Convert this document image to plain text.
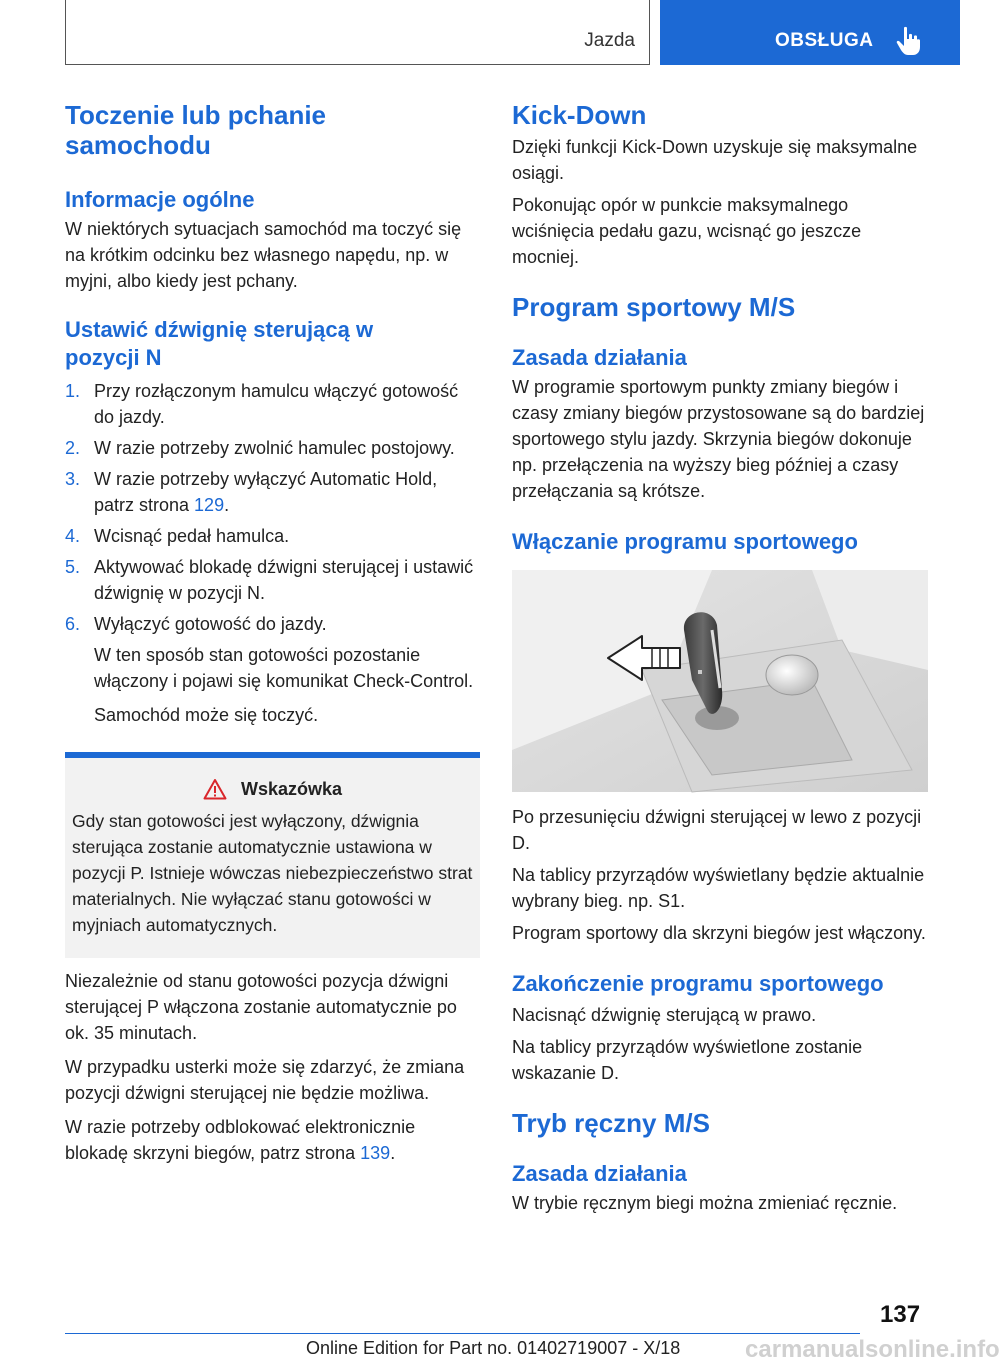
Jazda	OBSŁUGA
Toczenie lub pchanie samochodu
Informacje ogólne

W niektórych sytuacjach samochód ma toczyć się na krótkim odcinku bez własnego napędu, np. w myjni, albo kiedy jest pchany.

Ustawić dźwignię sterującą w pozycji N
1. Przy rozłączonym hamulcu włączyć gotowość do jazdy.
2. W razie potrzeby zwolnić hamulec postojowy.
3. W razie potrzeby wyłączyć Automatic Hold, patrz strona 129.
4. Wcisnąć pedał hamulca.
5. Aktywować blokadę dźwigni sterującej i ustawić dźwignię w pozycji N.
6. Wyłączyć gotowość do jazdy.

W ten sposób stan gotowości pozostanie włączony i pojawi się komunikat Check-Control.

Samochód może się toczyć.

Wskazówka

Gdy stan gotowości jest wyłączony, dźwignia sterująca zostanie automatycznie ustawiona w pozycji P. Istnieje wówczas niebezpieczeństwo strat materialnych. Nie wyłączać stanu gotowości w myjniach automatycznych.

Niezależnie od stanu gotowości pozycja dźwigni sterującej P włączona zostanie automatycznie po ok. 35 minutach.

W przypadku usterki może się zdarzyć, że zmiana pozycji dźwigni sterującej nie będzie możliwa.

W razie potrzeby odblokować elektronicznie blokadę skrzyni biegów, patrz strona 139.

Kick-Down

Dzięki funkcji Kick-Down uzyskuje się maksymalne osiągi.

Pokonując opór w punkcie maksymalnego wciśnięcia pedału gazu, wcisnąć go jeszcze mocniej.

Program sportowy M/S
Zasada działania

W programie sportowym punkty zmiany biegów i czasy zmiany biegów przystosowane są do bardziej sportowego stylu jazdy. Skrzynia biegów dokonuje np. przełączenia na wyższy bieg później a czasy przełączania są krótsze.

Włączanie programu sportowego

Po przesunięciu dźwigni sterującej w lewo z pozycji D.

Na tablicy przyrządów wyświetlany będzie aktualnie wybrany bieg. np. S1.

Program sportowy dla skrzyni biegów jest włączony.

Zakończenie programu sportowego

Nacisnąć dźwignię sterującą w prawo.

Na tablicy przyrządów wyświetlone zostanie wskazanie D.

Tryb ręczny M/S
Zasada działania

W trybie ręcznym biegi można zmieniać ręcznie.

137
carmanualsonline.info
Online Edition for Part no. 01402719007 - X/18
